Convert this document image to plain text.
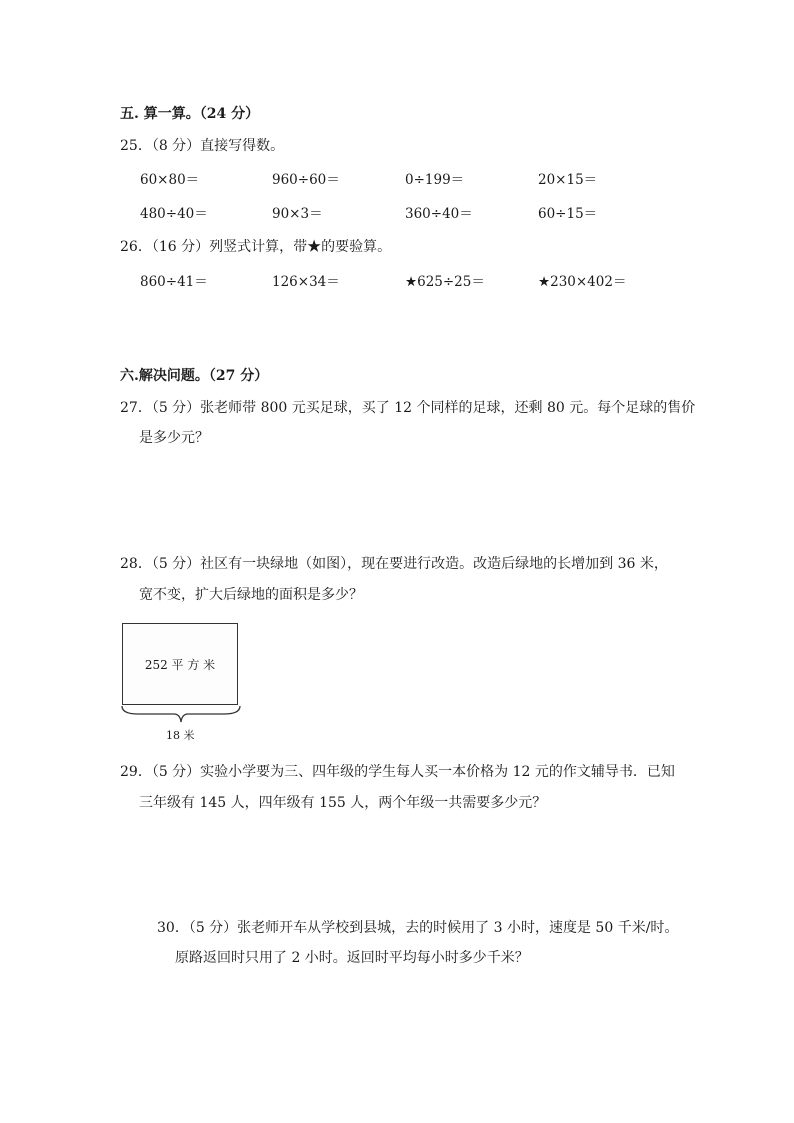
五. 算一算。（24 分）
25．（8 分）直接写得数。
60×80＝	960÷60＝	0÷199＝	20×15＝
480÷40＝	90×3＝	360÷40＝	60÷15＝
26．（16 分）列竖式计算，带★的要验算。
860÷41＝	126×34＝	★625÷25＝	★230×402＝
六.解决问题。（27 分）
27．（5 分）张老师带 800 元买足球，买了 12 个同样的足球，还剩 80 元。每个足球的售价
是多少元？
28．（5 分）社区有一块绿地（如图），现在要进行改造。改造后绿地的长增加到 36 米，
宽不变，扩大后绿地的面积是多少？
252 平 方 米
18 米
29．（5 分）实验小学要为三、四年级的学生每人买一本价格为 12 元的作文辅导书．已知
三年级有 145 人，四年级有 155 人，两个年级一共需要多少元？
30．（5 分）张老师开车从学校到县城，去的时候用了 3 小时，速度是 50 千米/时。
原路返回时只用了 2 小时。返回时平均每小时多少千米？
